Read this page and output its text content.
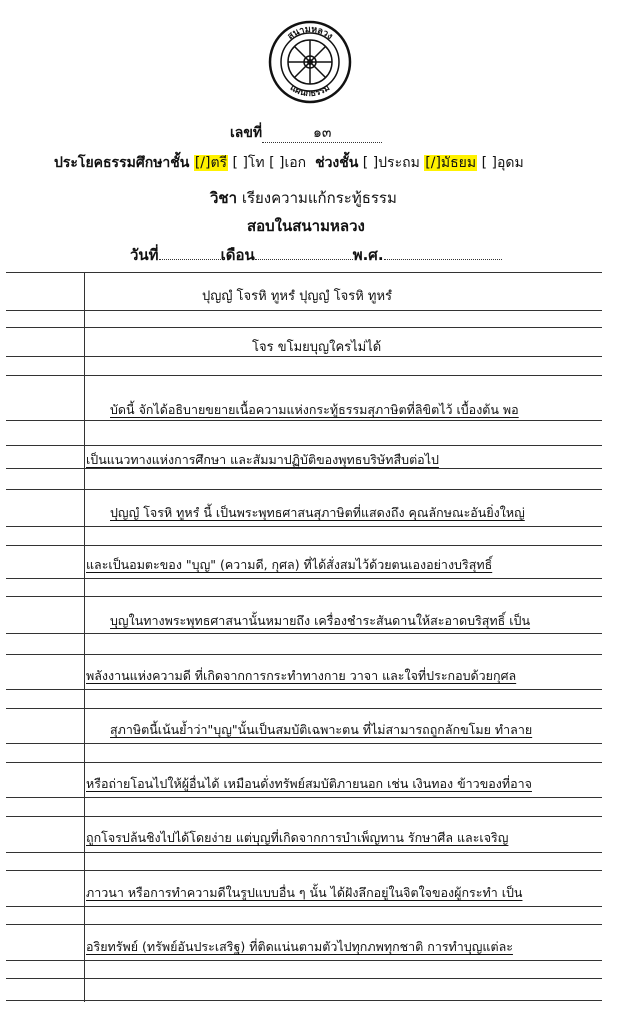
สนามหลวง
แผนกธรรม
เลขที่	๑๓
ประโยคธรรมศึกษาชั้น [/]ตรี [ ]โท [ ]เอก ช่วงชั้น [ ]ประถม [/]มัธยม [ ]อุดม
วิชา เรียงความแก้กระทู้ธรรม
สอบในสนามหลวง
วันที่	เดือน	พ.ศ.
ปุญญํ โจรหิ ทูหรํ ปุญญํ โจรหิ ทูหรํ
โจร ขโมยบุญใครไม่ได้
บัดนี้ จักได้อธิบายขยายเนื้อความแห่งกระทู้ธรรมสุภาษิตที่ลิขิตไว้ เบื้องต้น พอ
เป็นแนวทางแห่งการศึกษา และสัมมาปฏิบัติของพุทธบริษัทสืบต่อไป
ปุญญํ โจรหิ ทูหรํ นี้ เป็นพระพุทธศาสนสุภาษิตที่แสดงถึง คุณลักษณะอันยิ่งใหญ่
และเป็นอมตะของ "บุญ" (ความดี, กุศล) ที่ได้สั่งสมไว้ด้วยตนเองอย่างบริสุทธิ์
บุญในทางพระพุทธศาสนานั้นหมายถึง เครื่องชำระสันดานให้สะอาดบริสุทธิ์ เป็น
พลังงานแห่งความดี ที่เกิดจากการกระทำทางกาย วาจา และใจที่ประกอบด้วยกุศล
สุภาษิตนี้เน้นย้ำว่า"บุญ"นั้นเป็นสมบัติเฉพาะตน ที่ไม่สามารถถูกลักขโมย ทำลาย
หรือถ่ายโอนไปให้ผู้อื่นได้ เหมือนดั่งทรัพย์สมบัติภายนอก เช่น เงินทอง ข้าวของที่อาจ
ถูกโจรปล้นชิงไปได้โดยง่าย แต่บุญที่เกิดจากการบำเพ็ญทาน รักษาศีล และเจริญ
ภาวนา หรือการทำความดีในรูปแบบอื่น ๆ นั้น ได้ฝังลึกอยู่ในจิตใจของผู้กระทำ เป็น
อริยทรัพย์ (ทรัพย์อันประเสริฐ) ที่ติดแน่นตามตัวไปทุกภพทุกชาติ การทำบุญแต่ละ
